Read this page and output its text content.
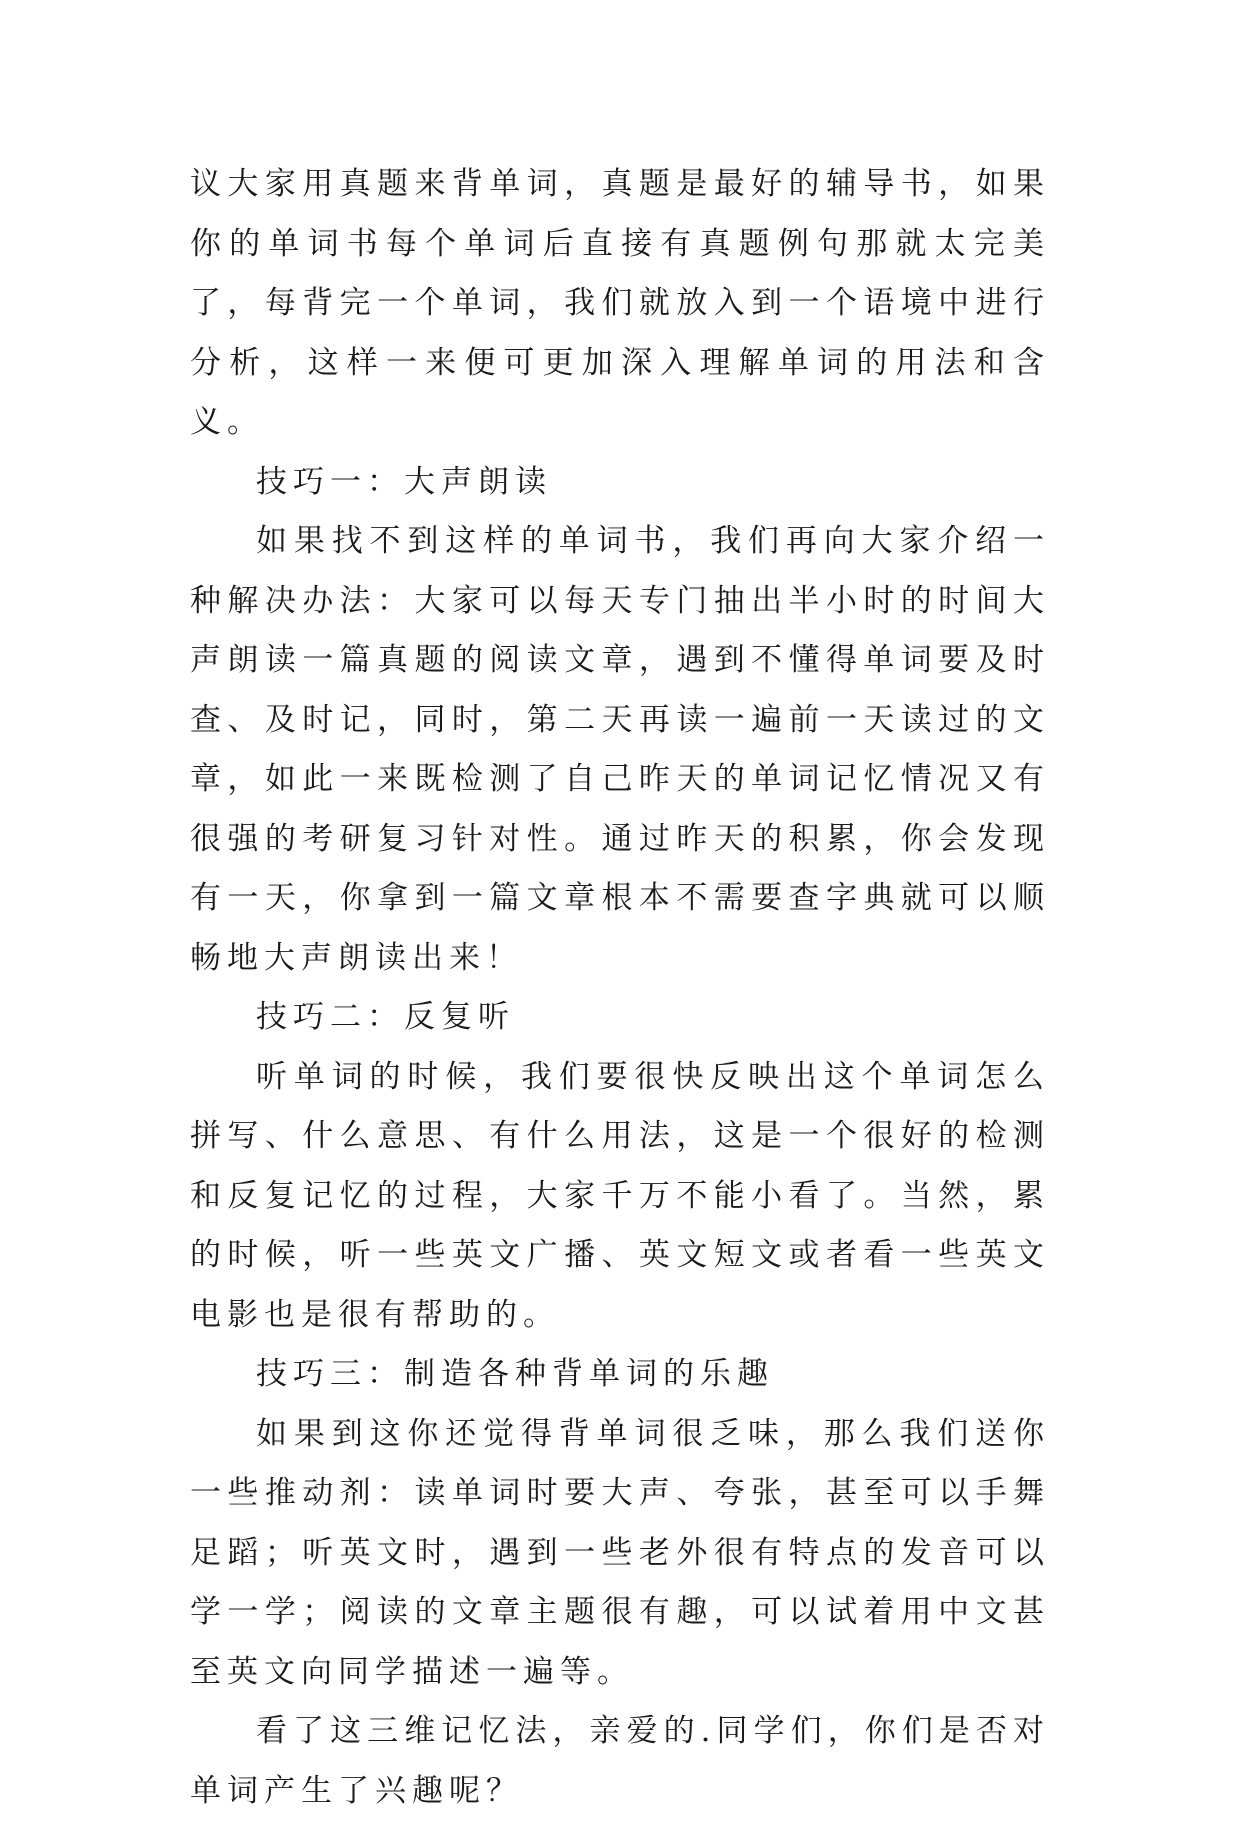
议大家用真题来背单词，真题是最好的辅导书，如果你的单词书每个单词后直接有真题例句那就太完美了，每背完一个单词，我们就放入到一个语境中进行分析，这样一来便可更加深入理解单词的用法和含义。

技巧一：大声朗读

如果找不到这样的单词书，我们再向大家介绍一种解决办法：大家可以每天专门抽出半小时的时间大声朗读一篇真题的阅读文章，遇到不懂得单词要及时查、及时记，同时，第二天再读一遍前一天读过的文章，如此一来既检测了自己昨天的单词记忆情况又有很强的考研复习针对性。通过昨天的积累，你会发现有一天，你拿到一篇文章根本不需要查字典就可以顺畅地大声朗读出来！

技巧二：反复听

听单词的时候，我们要很快反映出这个单词怎么拼写、什么意思、有什么用法，这是一个很好的检测和反复记忆的过程，大家千万不能小看了。当然，累的时候，听一些英文广播、英文短文或者看一些英文电影也是很有帮助的。

技巧三：制造各种背单词的乐趣

如果到这你还觉得背单词很乏味，那么我们送你一些推动剂：读单词时要大声、夸张，甚至可以手舞足蹈；听英文时，遇到一些老外很有特点的发音可以学一学；阅读的文章主题很有趣，可以试着用中文甚至英文向同学描述一遍等。

看了这三维记忆法，亲爱的.同学们，你们是否对单词产生了兴趣呢？
